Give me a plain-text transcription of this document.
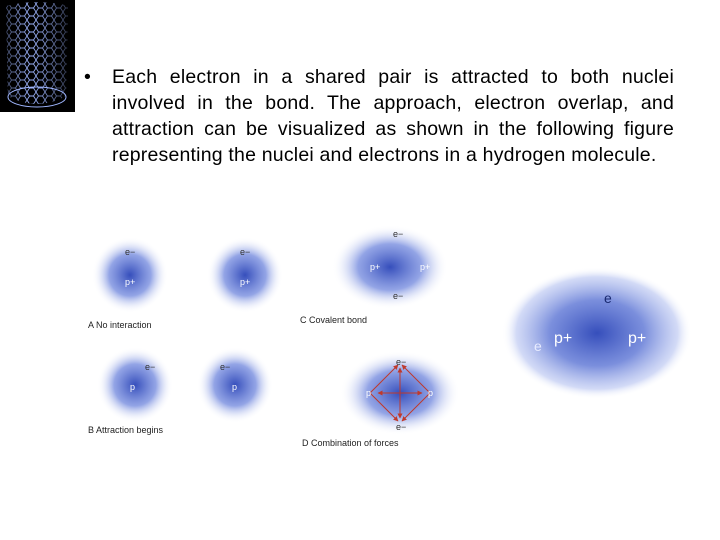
• Each electron in a shared pair is attracted to both nuclei involved in the bond. The approach, electron overlap, and attraction can be visualized as shown in the following figure representing the nuclei and electrons in a hydrogen molecule.
e−
p+
e−
p+
A No interaction
e−
p
e−
p
B Attraction begins
e−
p+	p+
e−
C Covalent bond
e−
p	p
e−
D Combination of forces
e
e p+	p+
